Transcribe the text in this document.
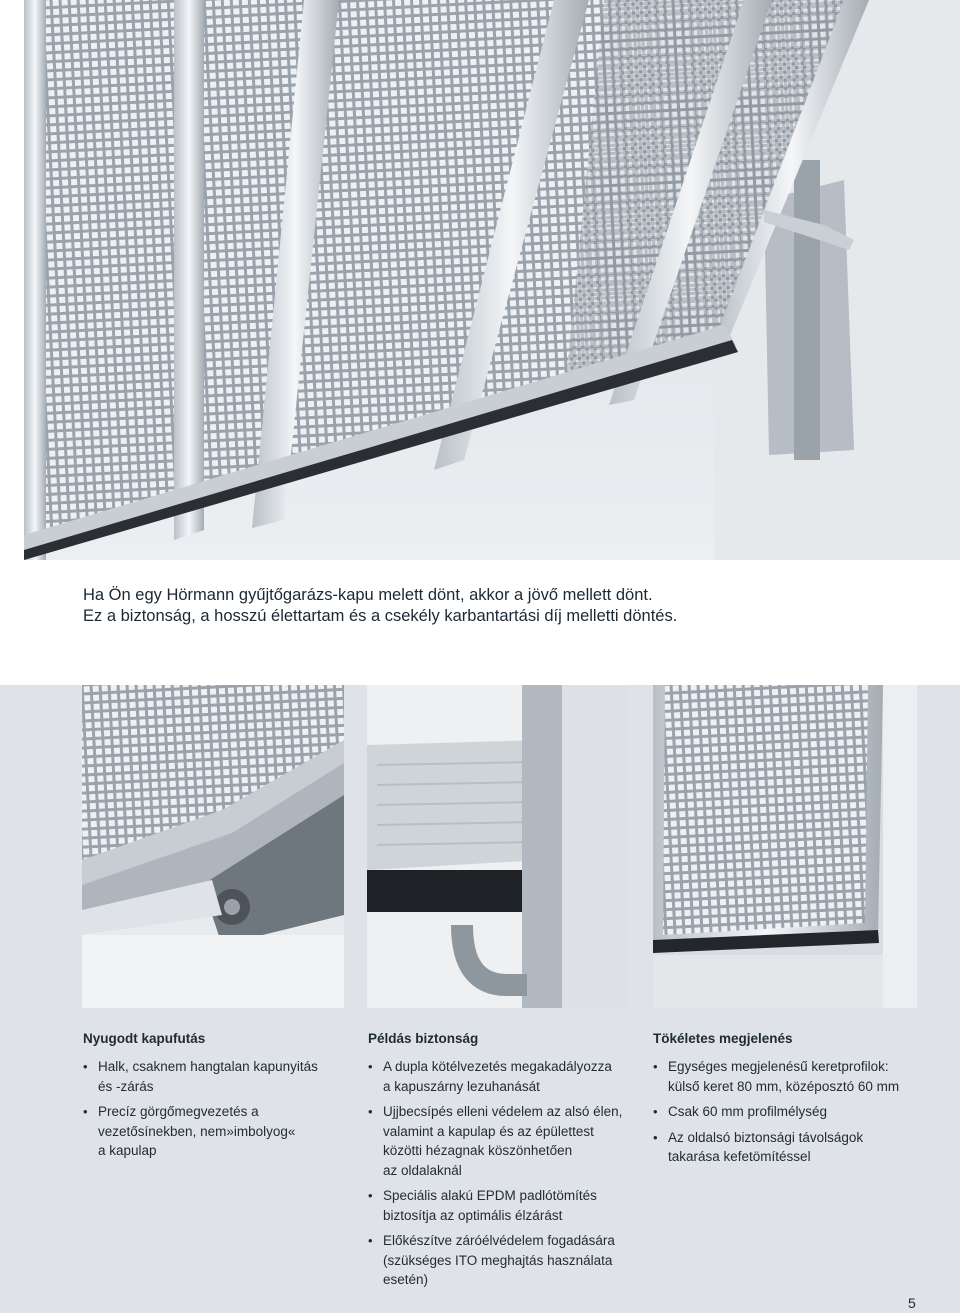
Ha Ön egy Hörmann gyűjtőgarázs-kapu melett dönt, akkor a jövő mellett dönt.
Ez a biztonság, a hosszú élettartam és a csekély karbantartási díj melletti döntés.
Nyugodt kapufutás
• Halk, csaknem hangtalan kapunyitás
és -zárás
• Precíz görgőmegvezetés a
vezetősínekben, nem»imbolyog«
a kapulap
Példás biztonság
• A dupla kötélvezetés megakadályozza
a kapuszárny lezuhanását
• Ujjbecsípés elleni védelem az alsó élen,
valamint a kapulap és az épülettest
közötti hézagnak köszönhetően
az oldalaknál
• Speciális alakú EPDM padlótömítés
biztosítja az optimális élzárást
• Előkészítve záróélvédelem fogadására
(szükséges ITO meghajtás használata
esetén)
Tökéletes megjelenés
• Egységes megjelenésű keretprofilok:
külső keret 80 mm, középosztó 60 mm
• Csak 60 mm profilmélység
• Az oldalsó biztonsági távolságok
takarása kefetömítéssel
5
